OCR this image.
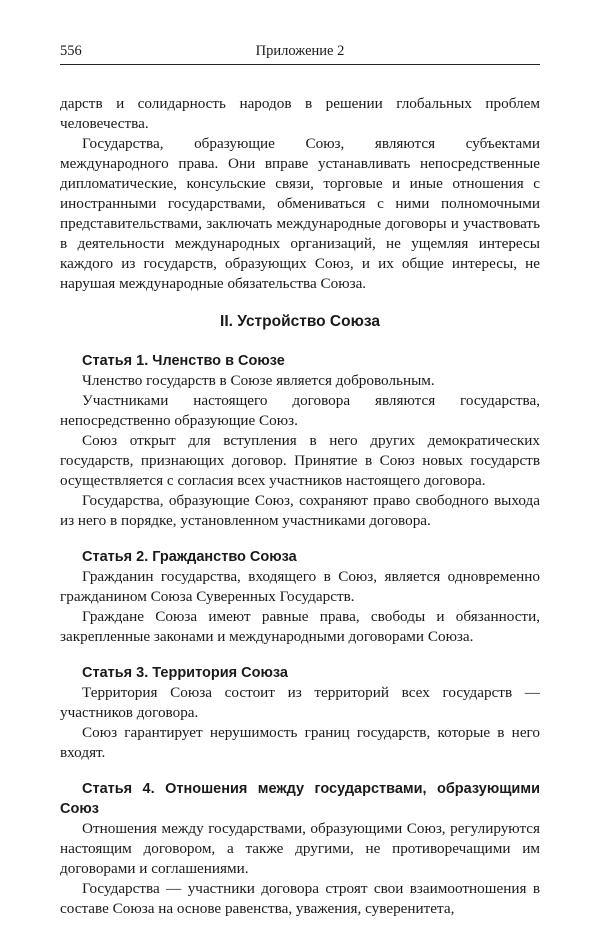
556	Приложение 2

дарств и солидарность народов в решении глобальных проблем человечества.

Государства, образующие Союз, являются субъектами международного права. Они вправе устанавливать непосредственные дипломатические, консульские связи, торговые и иные отношения с иностранными государствами, обмениваться с ними полномочными представительствами, заключать международные договоры и участвовать в деятельности международных организаций, не ущемляя интересы каждого из государств, образующих Союз, и их общие интересы, не нарушая международные обязательства Союза.

II. Устройство Союза

Статья 1. Членство в Союзе

Членство государств в Союзе является добровольным.

Участниками настоящего договора являются государства, непосредственно образующие Союз.

Союз открыт для вступления в него других демократических государств, признающих договор. Принятие в Союз новых государств осуществляется с согласия всех участников настоящего договора.

Государства, образующие Союз, сохраняют право свободного выхода из него в порядке, установленном участниками договора.

Статья 2. Гражданство Союза

Гражданин государства, входящего в Союз, является одновременно гражданином Союза Суверенных Государств.

Граждане Союза имеют равные права, свободы и обязанности, закрепленные законами и международными договорами Союза.

Статья 3. Территория Союза

Территория Союза состоит из территорий всех государств — участников договора.

Союз гарантирует нерушимость границ государств, которые в него входят.

Статья 4. Отношения между государствами, образующими Союз

Отношения между государствами, образующими Союз, регулируются настоящим договором, а также другими, не противоречащими им договорами и соглашениями.

Государства — участники договора строят свои взаимоотношения в составе Союза на основе равенства, уважения, суверенитета,
